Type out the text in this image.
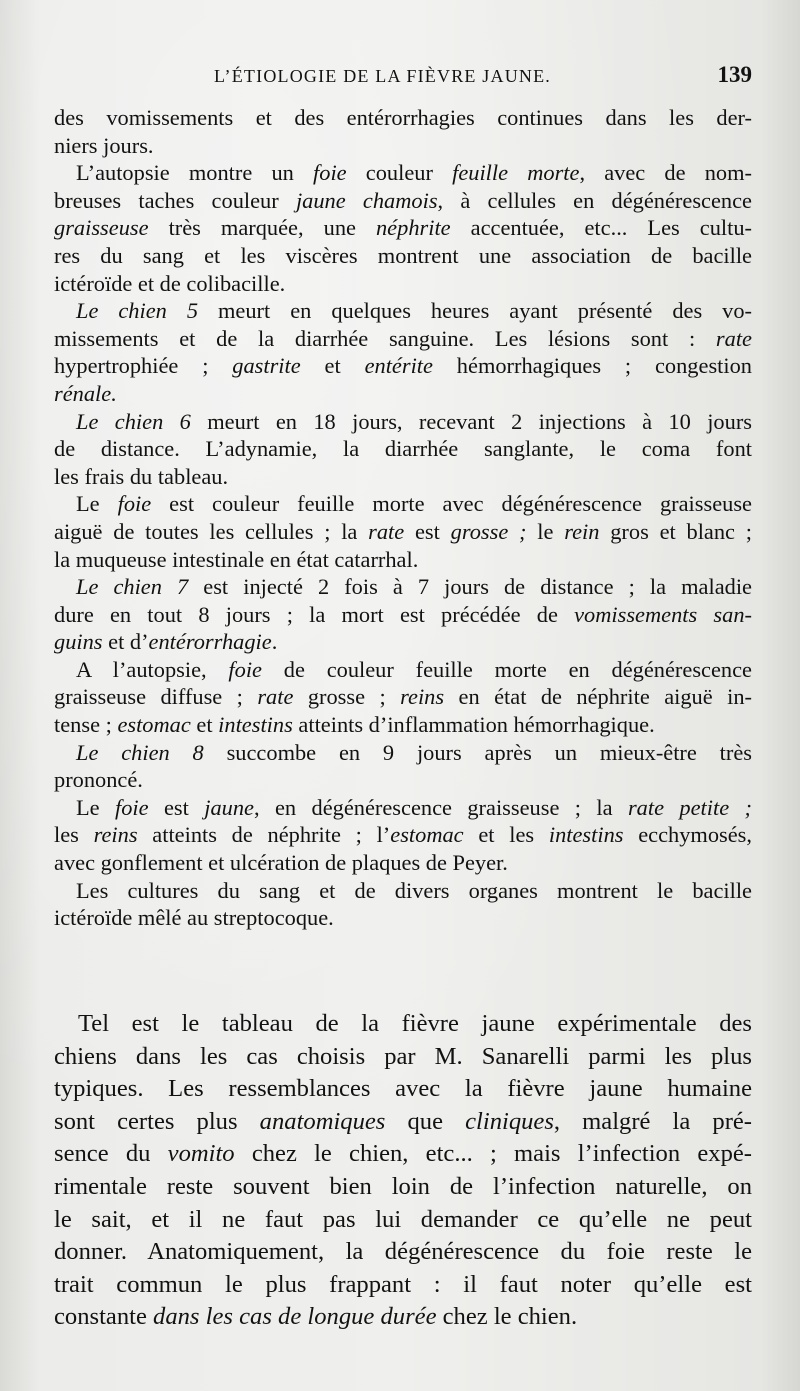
L’ÉTIOLOGIE DE LA FIÈVRE JAUNE.	139
des vomissements et des entérorrhagies continues dans les der-
niers jours.
L’autopsie montre un foie couleur feuille morte, avec de nom-
breuses taches couleur jaune chamois, à cellules en dégénérescence
graisseuse très marquée, une néphrite accentuée, etc... Les cultu-
res du sang et les viscères montrent une association de bacille
ictéroïde et de colibacille.
Le chien 5 meurt en quelques heures ayant présenté des vo-
missements et de la diarrhée sanguine. Les lésions sont : rate
hypertrophiée ; gastrite et entérite hémorrhagiques ; congestion
rénale.
Le chien 6 meurt en 18 jours, recevant 2 injections à 10 jours
de distance. L’adynamie, la diarrhée sanglante, le coma font
les frais du tableau.
Le foie est couleur feuille morte avec dégénérescence graisseuse
aiguë de toutes les cellules ; la rate est grosse ; le rein gros et blanc ;
la muqueuse intestinale en état catarrhal.
Le chien 7 est injecté 2 fois à 7 jours de distance ; la maladie
dure en tout 8 jours ; la mort est précédée de vomissements san-
guins et d’entérorrhagie.
A l’autopsie, foie de couleur feuille morte en dégénérescence
graisseuse diffuse ; rate grosse ; reins en état de néphrite aiguë in-
tense ; estomac et intestins atteints d’inflammation hémorrhagique.
Le chien 8 succombe en 9 jours après un mieux-être très
prononcé.
Le foie est jaune, en dégénérescence graisseuse ; la rate petite ;
les reins atteints de néphrite ; l’estomac et les intestins ecchymosés,
avec gonflement et ulcération de plaques de Peyer.
Les cultures du sang et de divers organes montrent le bacille
ictéroïde mêlé au streptocoque.
Tel est le tableau de la fièvre jaune expérimentale des
chiens dans les cas choisis par M. Sanarelli parmi les plus
typiques. Les ressemblances avec la fièvre jaune humaine
sont certes plus anatomiques que cliniques, malgré la pré-
sence du vomito chez le chien, etc... ; mais l’infection expé-
rimentale reste souvent bien loin de l’infection naturelle, on
le sait, et il ne faut pas lui demander ce qu’elle ne peut
donner. Anatomiquement, la dégénérescence du foie reste le
trait commun le plus frappant : il faut noter qu’elle est
constante dans les cas de longue durée chez le chien.
